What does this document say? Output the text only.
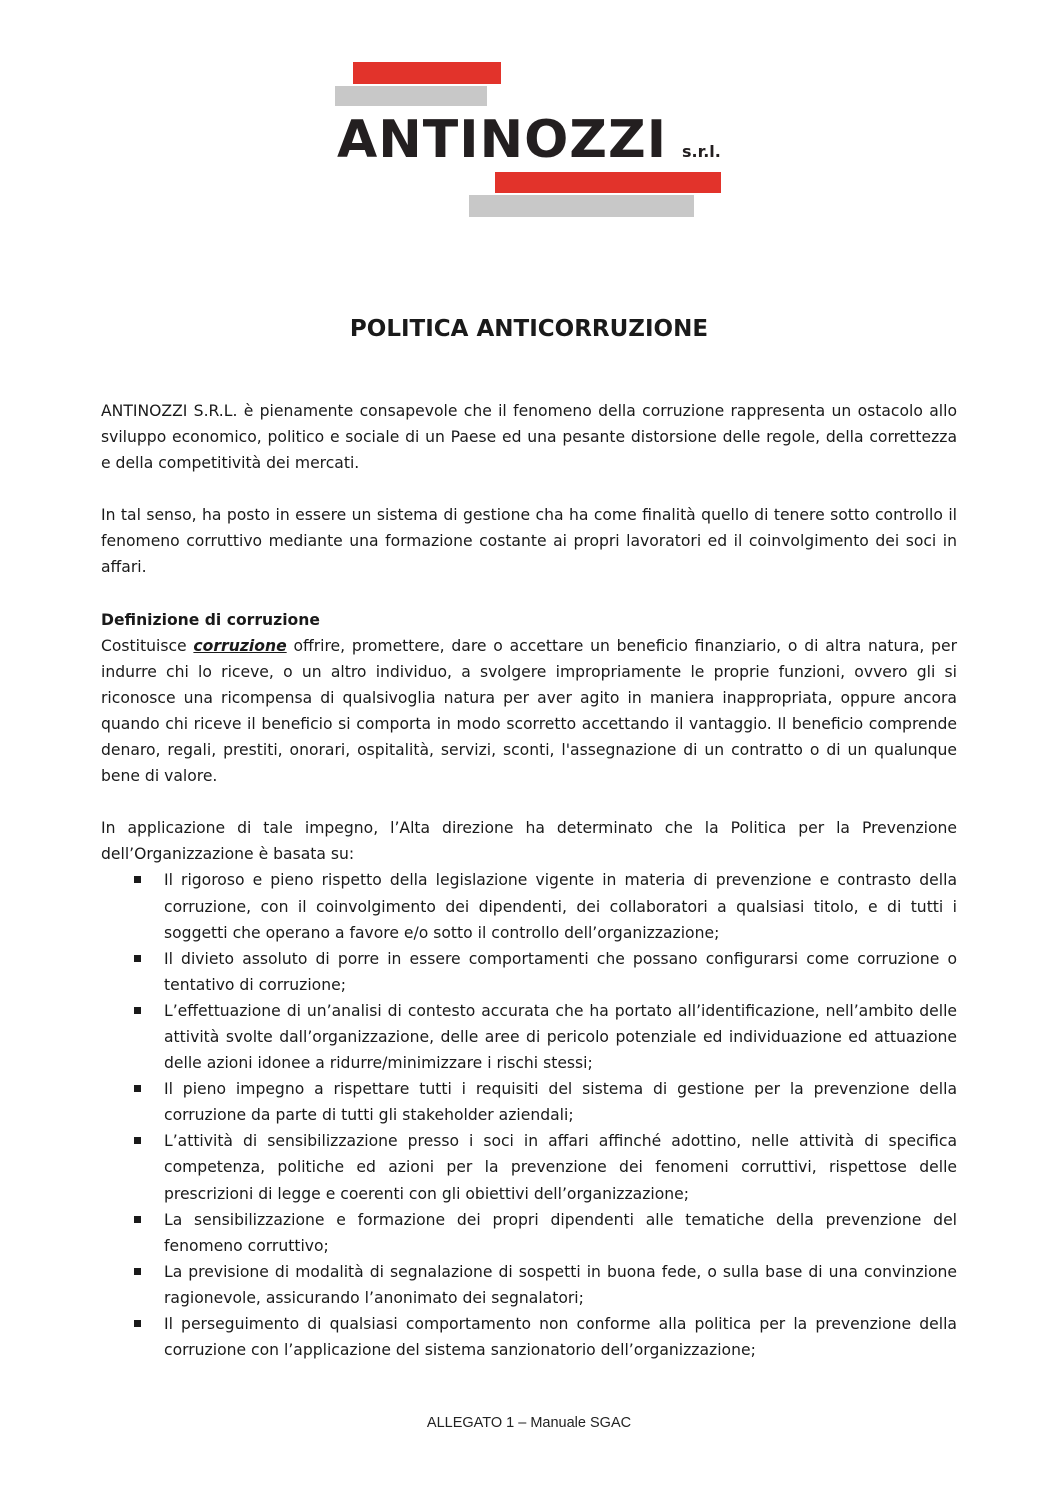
ANTINOZZI s.r.l.
POLITICA ANTICORRUZIONE

ANTINOZZI S.R.L. è pienamente consapevole che il fenomeno della corruzione rappresenta un ostacolo allo sviluppo economico, politico e sociale di un Paese ed una pesante distorsione delle regole, della correttezza e della competitività dei mercati.

In tal senso, ha posto in essere un sistema di gestione cha ha come finalità quello di tenere sotto controllo il fenomeno corruttivo mediante una formazione costante ai propri lavoratori ed il coinvolgimento dei soci in affari.

Definizione di corruzione

Costituisce corruzione offrire, promettere, dare o accettare un beneficio finanziario, o di altra natura, per indurre chi lo riceve, o un altro individuo, a svolgere impropriamente le proprie funzioni, ovvero gli si riconosce una ricompensa di qualsivoglia natura per aver agito in maniera inappropriata, oppure ancora quando chi riceve il beneficio si comporta in modo scorretto accettando il vantaggio. Il beneficio comprende denaro, regali, prestiti, onorari, ospitalità, servizi, sconti, l'assegnazione di un contratto o di un qualunque bene di valore.

In applicazione di tale impegno, l’Alta direzione ha determinato che la Politica per la Prevenzione dell’Organizzazione è basata su:

Il rigoroso e pieno rispetto della legislazione vigente in materia di prevenzione e contrasto della corruzione, con il coinvolgimento dei dipendenti, dei collaboratori a qualsiasi titolo, e di tutti i soggetti che operano a favore e/o sotto il controllo dell’organizzazione;
Il divieto assoluto di porre in essere comportamenti che possano configurarsi come corruzione o tentativo di corruzione;
L’effettuazione di un’analisi di contesto accurata che ha portato all’identificazione, nell’ambito delle attività svolte dall’organizzazione, delle aree di pericolo potenziale ed individuazione ed attuazione delle azioni idonee a ridurre/minimizzare i rischi stessi;
Il pieno impegno a rispettare tutti i requisiti del sistema di gestione per la prevenzione della corruzione da parte di tutti gli stakeholder aziendali;
L’attività di sensibilizzazione presso i soci in affari affinché adottino, nelle attività di specifica competenza, politiche ed azioni per la prevenzione dei fenomeni corruttivi, rispettose delle prescrizioni di legge e coerenti con gli obiettivi dell’organizzazione;
La sensibilizzazione e formazione dei propri dipendenti alle tematiche della prevenzione del fenomeno corruttivo;
La previsione di modalità di segnalazione di sospetti in buona fede, o sulla base di una convinzione ragionevole, assicurando l’anonimato dei segnalatori;
Il perseguimento di qualsiasi comportamento non conforme alla politica per la prevenzione della corruzione con l’applicazione del sistema sanzionatorio dell’organizzazione;
ALLEGATO 1 – Manuale SGAC
